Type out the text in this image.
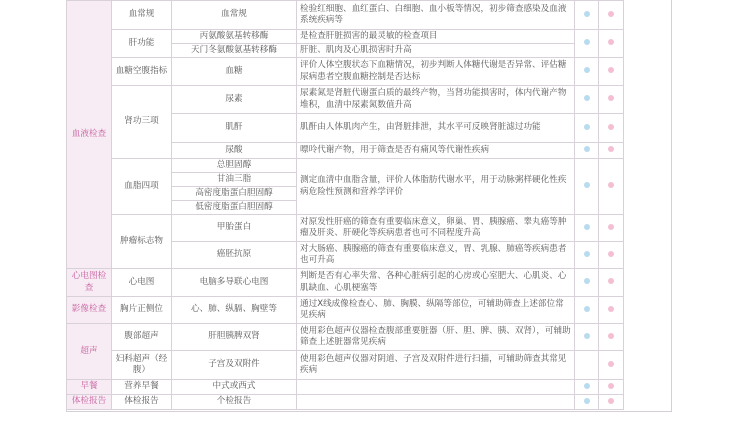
血液检查	血常规	血常规	检验红细胞、血红蛋白、白细胞、血小板等情况，初步筛查感染及血液系统疾病等			
	肝功能	丙氨酸氨基转移酶	是检查肝脏损害的最灵敏的检查项目			
		天门冬氨酸氨基转移酶	肝脏、肌肉及心肌损害时升高			
	血糖空腹指标	血糖	评价人体空腹状态下血糖情况，初步判断人体糖代谢是否异常、评估糖尿病患者空腹血糖控制是否达标			
	肾功三项	尿素	尿素氮是肾脏代谢蛋白质的最终产物，当肾功能损害时，体内代谢产物堆积，血清中尿素氮数值升高			
		肌酐	肌酐由人体肌肉产生，由肾脏排泄，其水平可反映肾脏滤过功能			
		尿酸	嘌呤代谢产物，用于筛查是否有痛风等代谢性疾病			
	血脂四项	总胆固醇	测定血清中血脂含量，评价人体脂肪代谢水平，用于动脉粥样硬化性疾病危险性预测和营养学评价			
		甘油三脂				
		高密度脂蛋白胆固醇				
		低密度脂蛋白胆固醇				
	肿瘤标志物	甲胎蛋白	对原发性肝癌的筛查有重要临床意义，卵巢、胃、胰腺癌、睾丸癌等肿瘤及肝炎、肝硬化等疾病患者也可不同程度升高			
		癌胚抗原	对大肠癌、胰腺癌的筛查有重要临床意义，胃、乳腺、肺癌等疾病患者也可升高			
心电图检查	心电图	电脑多导联心电图	判断是否有心率失常、各种心脏病引起的心房或心室肥大、心肌炎、心肌缺血、心肌梗塞等			
影像检查	胸片正侧位	心、肺、纵膈、胸壁等	通过X线成像检查心、肺、胸膜、纵隔等部位，可辅助筛查上述部位常见疾病			
超声	腹部超声	肝胆胰脾双肾	使用彩色超声仪器检查腹部重要脏器（肝、胆、脾、胰、双肾），可辅助筛查上述脏器常见疾病			
	妇科超声（经腹）	子宫及双附件	使用彩色超声仪器对阴道、子宫及双附件进行扫描，可辅助筛查其常见疾病			
早餐	营养早餐	中式或西式				
体检报告	体检报告	个检报告				
